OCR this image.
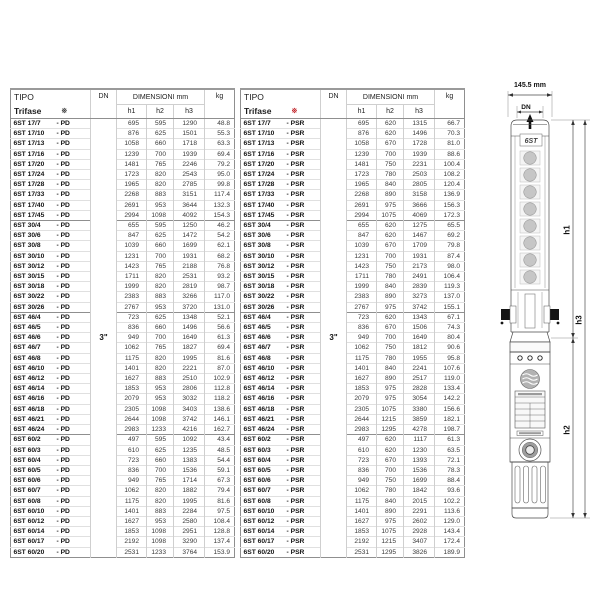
TIPO	DN	DIMENSIONI mm			kg
Trifase ※		h1	h2	h3	
6ST 17/7 - PD	3"	695	595	1290	48.8
6ST 17/10 - PD		876	625	1501	55.3
6ST 17/13 - PD		1058	660	1718	63.3
6ST 17/16 - PD		1239	700	1939	69.4
6ST 17/20 - PD		1481	765	2246	79.2
6ST 17/24 - PD		1723	820	2543	95.0
6ST 17/28 - PD		1965	820	2785	99.8
6ST 17/33 - PD		2268	883	3151	117.4
6ST 17/40 - PD		2691	953	3644	132.3
6ST 17/45 - PD		2994	1098	4092	154.3
6ST 30/4 - PD		655	595	1250	46.2
6ST 30/6 - PD		847	625	1472	54.2
6ST 30/8 - PD		1039	660	1699	62.1
6ST 30/10 - PD		1231	700	1931	68.2
6ST 30/12 - PD		1423	765	2188	76.8
6ST 30/15 - PD		1711	820	2531	93.2
6ST 30/18 - PD		1999	820	2819	98.7
6ST 30/22 - PD		2383	883	3266	117.0
6ST 30/26 - PD		2767	953	3720	131.0
6ST 46/4 - PD		723	625	1348	52.1
6ST 46/5 - PD		836	660	1496	56.6
6ST 46/6 - PD		949	700	1649	61.3
6ST 46/7 - PD		1062	765	1827	69.4
6ST 46/8 - PD		1175	820	1995	81.6
6ST 46/10 - PD		1401	820	2221	87.0
6ST 46/12 - PD		1627	883	2510	102.9
6ST 46/14 - PD		1853	953	2806	112.8
6ST 46/16 - PD		2079	953	3032	118.2
6ST 46/18 - PD		2305	1098	3403	138.6
6ST 46/21 - PD		2644	1098	3742	146.1
6ST 46/24 - PD		2983	1233	4216	162.7
6ST 60/2 - PD		497	595	1092	43.4
6ST 60/3 - PD		610	625	1235	48.5
6ST 60/4 - PD		723	660	1383	54.4
6ST 60/5 - PD		836	700	1536	59.1
6ST 60/6 - PD		949	765	1714	67.3
6ST 60/7 - PD		1062	820	1882	79.4
6ST 60/8 - PD		1175	820	1995	81.6
6ST 60/10 - PD		1401	883	2284	97.5
6ST 60/12 - PD		1627	953	2580	108.4
6ST 60/14 - PD		1853	1098	2951	128.8
6ST 60/17 - PD		2192	1098	3290	137.4
6ST 60/20 - PD		2531	1233	3764	153.9
TIPO	DN	DIMENSIONI mm			kg
Trifase ※		h1	h2	h3	
6ST 17/7 - PSR	3"	695	620	1315	66.7
6ST 17/10 - PSR		876	620	1496	70.3
6ST 17/13 - PSR		1058	670	1728	81.0
6ST 17/16 - PSR		1239	700	1939	88.6
6ST 17/20 - PSR		1481	750	2231	100.4
6ST 17/24 - PSR		1723	780	2503	108.2
6ST 17/28 - PSR		1965	840	2805	120.4
6ST 17/33 - PSR		2268	890	3158	136.9
6ST 17/40 - PSR		2691	975	3666	156.3
6ST 17/45 - PSR		2994	1075	4069	172.3
6ST 30/4 - PSR		655	620	1275	65.5
6ST 30/6 - PSR		847	620	1467	69.2
6ST 30/8 - PSR		1039	670	1709	79.8
6ST 30/10 - PSR		1231	700	1931	87.4
6ST 30/12 - PSR		1423	750	2173	98.0
6ST 30/15 - PSR		1711	780	2491	106.4
6ST 30/18 - PSR		1999	840	2839	119.3
6ST 30/22 - PSR		2383	890	3273	137.0
6ST 30/26 - PSR		2767	975	3742	155.1
6ST 46/4 - PSR		723	620	1343	67.1
6ST 46/5 - PSR		836	670	1506	74.3
6ST 46/6 - PSR		949	700	1649	80.4
6ST 46/7 - PSR		1062	750	1812	90.6
6ST 46/8 - PSR		1175	780	1955	95.8
6ST 46/10 - PSR		1401	840	2241	107.6
6ST 46/12 - PSR		1627	890	2517	119.0
6ST 46/14 - PSR		1853	975	2828	133.4
6ST 46/16 - PSR		2079	975	3054	142.2
6ST 46/18 - PSR		2305	1075	3380	156.6
6ST 46/21 - PSR		2644	1215	3859	182.1
6ST 46/24 - PSR		2983	1295	4278	198.7
6ST 60/2 - PSR		497	620	1117	61.3
6ST 60/3 - PSR		610	620	1230	63.5
6ST 60/4 - PSR		723	670	1393	72.1
6ST 60/5 - PSR		836	700	1536	78.3
6ST 60/6 - PSR		949	750	1699	88.4
6ST 60/7 - PSR		1062	780	1842	93.6
6ST 60/8 - PSR		1175	840	2015	102.2
6ST 60/10 - PSR		1401	890	2291	113.6
6ST 60/12 - PSR		1627	975	2602	129.0
6ST 60/14 - PSR		1853	1075	2928	143.4
6ST 60/17 - PSR		2192	1215	3407	172.4
6ST 60/20 - PSR		2531	1295	3826	189.9
145.5 mm
DN
6ST
h1
h2
h3
